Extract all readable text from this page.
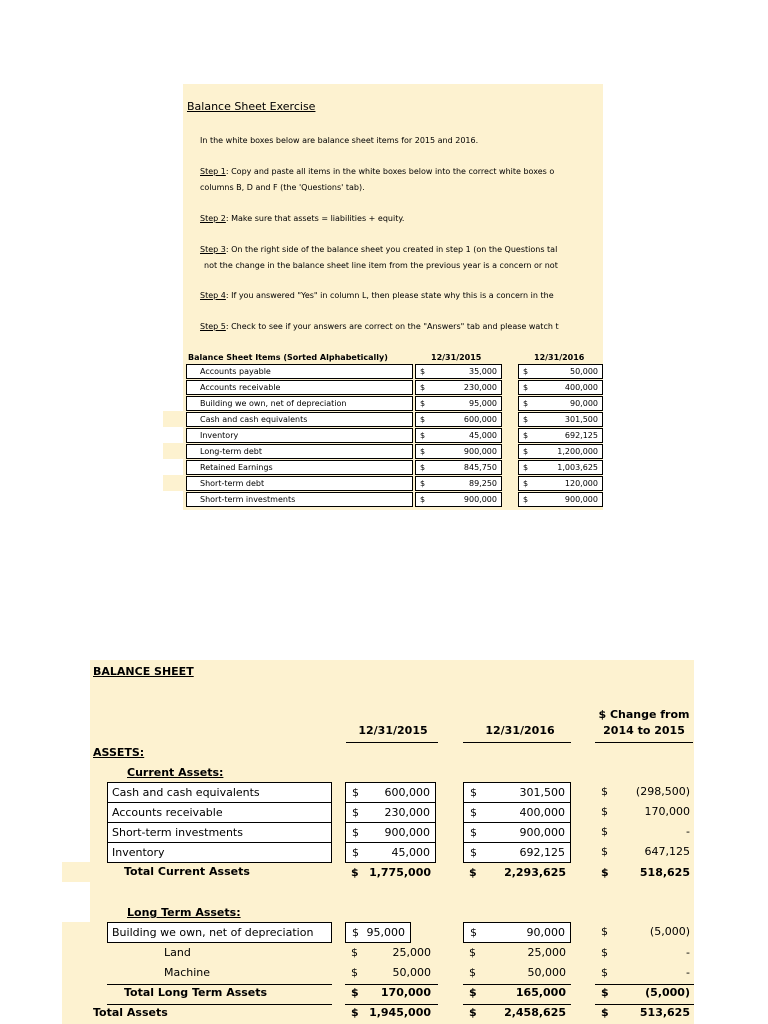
Balance Sheet Exercise
In the white boxes below are balance sheet items for 2015 and 2016.
Step 1: Copy and paste all items in the white boxes below into the correct white boxes o
columns B, D and F (the 'Questions' tab).
Step 2: Make sure that assets = liabilities + equity.
Step 3: On the right side of the balance sheet you created in step 1 (on the Questions tal
not the change in the balance sheet line item from the previous year is a concern or not
Step 4: If you answered "Yes" in column L, then please state why this is a concern in the
Step 5: Check to see if your answers are correct on the "Answers" tab and please watch t
Balance Sheet Items (Sorted Alphabetically)	12/31/2015	12/31/2016
Accounts payable	$	35,000	$	50,000
Accounts receivable	$	230,000	$	400,000
Building we own, net of depreciation	$	95,000	$	90,000
Cash and cash equivalents	$	600,000	$	301,500
Inventory	$	45,000	$	692,125
Long-term debt	$	900,000	$	1,200,000
Retained Earnings	$	845,750	$	1,003,625
Short-term debt	$	89,250	$	120,000
Short-term investments	$	900,000	$	900,000
BALANCE SHEET
12/31/2015	12/31/2016
$ Change from
2014 to 2015
ASSETS:
Current Assets:
Cash and cash equivalents	$ 600,000	$	301,500	$	(298,500)
Accounts receivable	$ 230,000	$	400,000	$	170,000
Short-term investments	$ 900,000	$	900,000	$	-
Inventory	$	45,000	$	692,125	$	647,125
Total Current Assets	$ 1,775,000	$ 2,293,625	$	518,625
Long Term Assets:
Building we own, net of depreciation	$ 95,000	$	90,000	$	(5,000)
Land	$	25,000	$	25,000	$	-
Machine	$	50,000	$	50,000	$	-
Total Long Term Assets	$ 170,000	$	165,000	$	(5,000)
Total Assets	$ 1,945,000	$ 2,458,625	$	513,625
